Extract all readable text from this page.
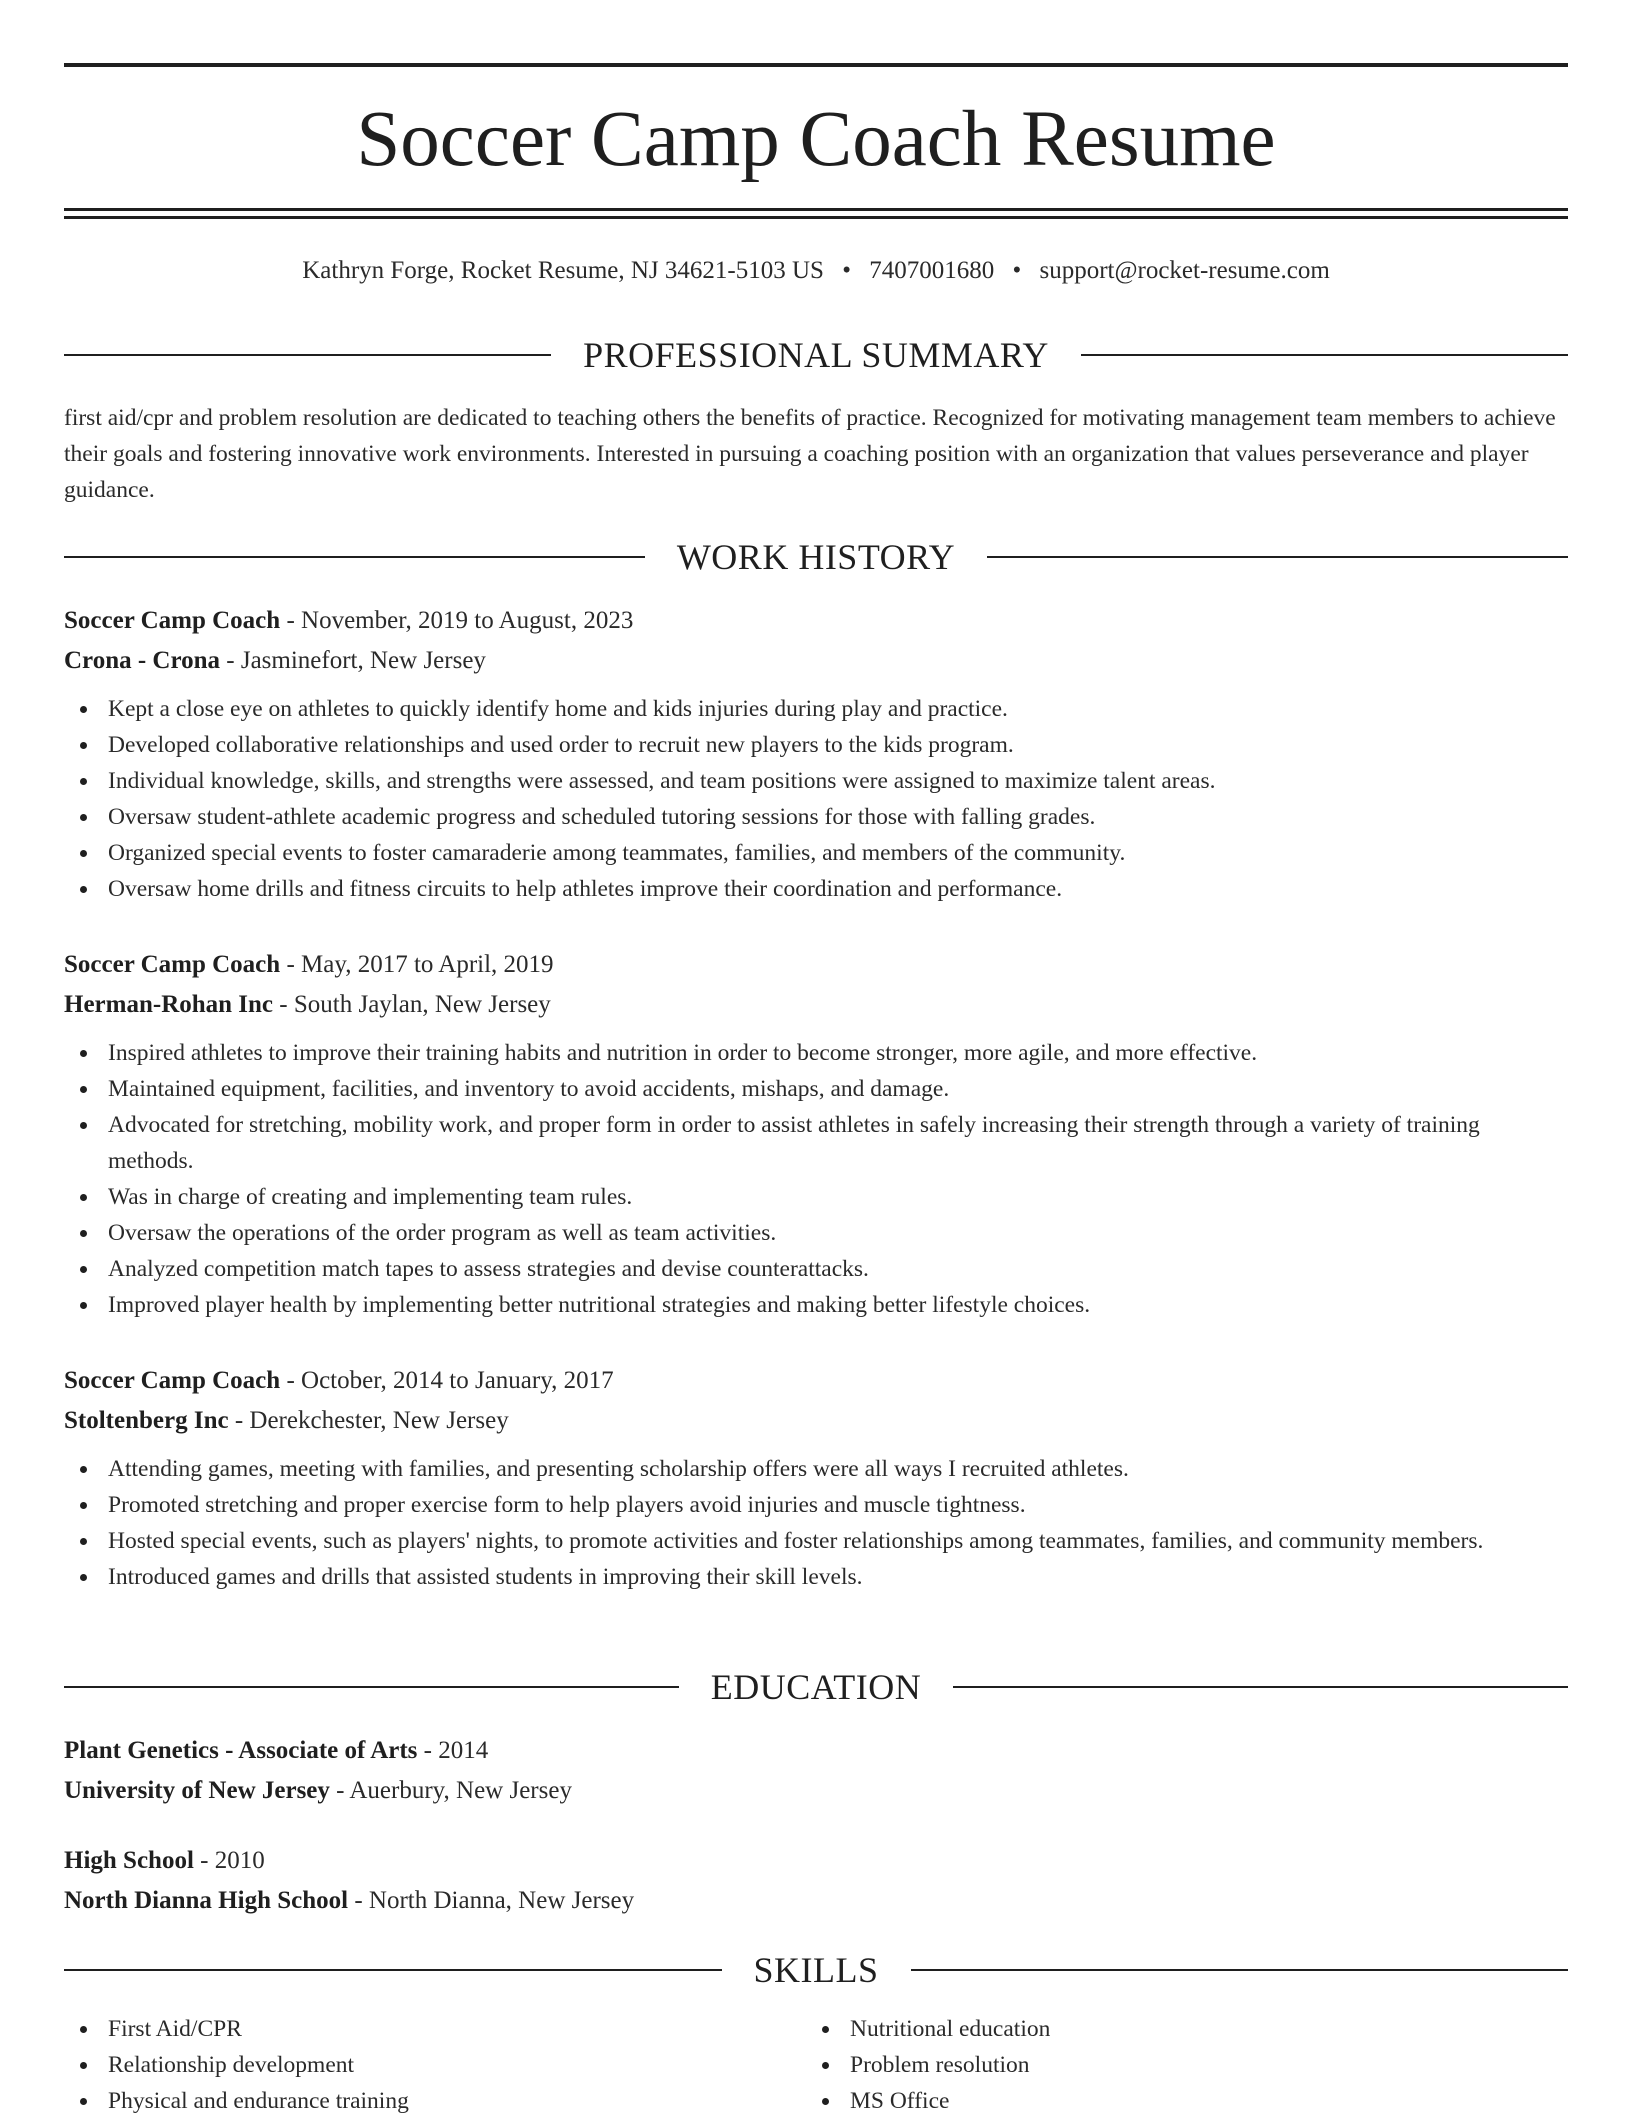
Soccer Camp Coach Resume
Kathryn Forge, Rocket Resume, NJ 34621-5103 US • 7407001680 • support@rocket-resume.com
PROFESSIONAL SUMMARY

first aid/cpr and problem resolution are dedicated to teaching others the benefits of practice. Recognized for motivating management team members to achieve their goals and fostering innovative work environments. Interested in pursuing a coaching position with an organization that values perseverance and player guidance.

WORK HISTORY
Soccer Camp Coach - November, 2019 to August, 2023
Crona - Crona - Jasminefort, New Jersey
Kept a close eye on athletes to quickly identify home and kids injuries during play and practice.
Developed collaborative relationships and used order to recruit new players to the kids program.
Individual knowledge, skills, and strengths were assessed, and team positions were assigned to maximize talent areas.
Oversaw student-athlete academic progress and scheduled tutoring sessions for those with falling grades.
Organized special events to foster camaraderie among teammates, families, and members of the community.
Oversaw home drills and fitness circuits to help athletes improve their coordination and performance.
Soccer Camp Coach - May, 2017 to April, 2019
Herman-Rohan Inc - South Jaylan, New Jersey
Inspired athletes to improve their training habits and nutrition in order to become stronger, more agile, and more effective.
Maintained equipment, facilities, and inventory to avoid accidents, mishaps, and damage.
Advocated for stretching, mobility work, and proper form in order to assist athletes in safely increasing their strength through a variety of training methods.
Was in charge of creating and implementing team rules.
Oversaw the operations of the order program as well as team activities.
Analyzed competition match tapes to assess strategies and devise counterattacks.
Improved player health by implementing better nutritional strategies and making better lifestyle choices.
Soccer Camp Coach - October, 2014 to January, 2017
Stoltenberg Inc - Derekchester, New Jersey
Attending games, meeting with families, and presenting scholarship offers were all ways I recruited athletes.
Promoted stretching and proper exercise form to help players avoid injuries and muscle tightness.
Hosted special events, such as players' nights, to promote activities and foster relationships among teammates, families, and community members.
Introduced games and drills that assisted students in improving their skill levels.
EDUCATION
Plant Genetics - Associate of Arts - 2014
University of New Jersey - Auerbury, New Jersey
High School - 2010
North Dianna High School - North Dianna, New Jersey
SKILLS
First Aid/CPR
Relationship development
Physical and endurance training
Nutritional education
Problem resolution
MS Office
